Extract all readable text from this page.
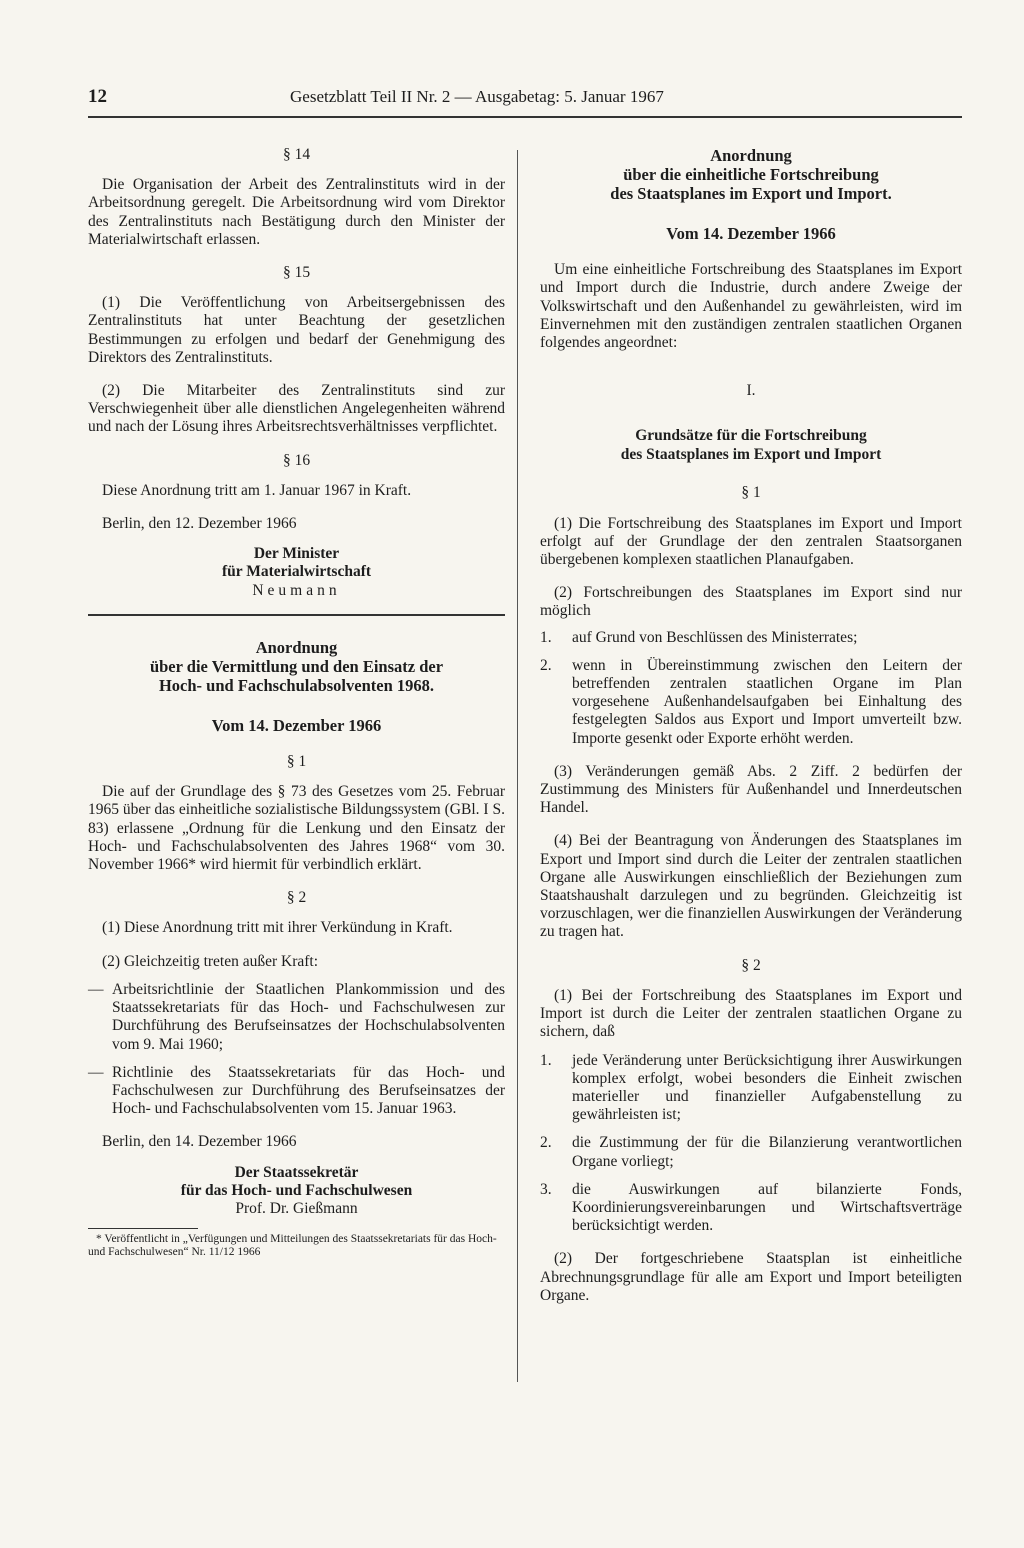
12	Gesetzblatt Teil II Nr. 2 — Ausgabetag: 5. Januar 1967

§ 14

Die Organisation der Arbeit des Zentralinstituts wird in der Arbeitsordnung geregelt. Die Arbeitsordnung wird vom Direktor des Zentralinstituts nach Bestätigung durch den Minister der Materialwirtschaft erlassen.

§ 15

(1) Die Veröffentlichung von Arbeitsergebnissen des Zentralinstituts hat unter Beachtung der gesetzlichen Bestimmungen zu erfolgen und bedarf der Genehmigung des Direktors des Zentralinstituts.

(2) Die Mitarbeiter des Zentralinstituts sind zur Verschwiegenheit über alle dienstlichen Angelegenheiten während und nach der Lösung ihres Arbeitsrechtsverhältnisses verpflichtet.

§ 16

Diese Anordnung tritt am 1. Januar 1967 in Kraft.

Berlin, den 12. Dezember 1966

Der Minister

für Materialwirtschaft

Neumann

Anordnung
über die Vermittlung und den Einsatz der
Hoch- und Fachschulabsolventen 1968.

Vom 14. Dezember 1966

§ 1

Die auf der Grundlage des § 73 des Gesetzes vom 25. Februar 1965 über das einheitliche sozialistische Bildungssystem (GBl. I S. 83) erlassene „Ordnung für die Lenkung und den Einsatz der Hoch- und Fachschulabsolventen des Jahres 1968“ vom 30. November 1966* wird hiermit für verbindlich erklärt.

§ 2

(1) Diese Anordnung tritt mit ihrer Verkündung in Kraft.

(2) Gleichzeitig treten außer Kraft:

— Arbeitsrichtlinie der Staatlichen Plankommission und des Staatssekretariats für das Hoch- und Fachschulwesen zur Durchführung des Berufseinsatzes der Hochschulabsolventen vom 9. Mai 1960;
— Richtlinie des Staatssekretariats für das Hoch- und Fachschulwesen zur Durchführung des Berufseinsatzes der Hoch- und Fachschulabsolventen vom 15. Januar 1963.

Berlin, den 14. Dezember 1966

Der Staatssekretär

für das Hoch- und Fachschulwesen

Prof. Dr. Gießmann

* Veröffentlicht in „Verfügungen und Mitteilungen des Staatssekretariats für das Hoch- und Fachschulwesen“ Nr. 11/12 1966

Anordnung
über die einheitliche Fortschreibung
des Staatsplanes im Export und Import.

Vom 14. Dezember 1966

Um eine einheitliche Fortschreibung des Staatsplanes im Export und Import durch die Industrie, durch andere Zweige der Volkswirtschaft und den Außenhandel zu gewährleisten, wird im Einvernehmen mit den zuständigen zentralen staatlichen Organen folgendes angeordnet:

I.

Grundsätze für die Fortschreibung
des Staatsplanes im Export und Import

§ 1

(1) Die Fortschreibung des Staatsplanes im Export und Import erfolgt auf der Grundlage der den zentralen Staatsorganen übergebenen komplexen staatlichen Planaufgaben.

(2) Fortschreibungen des Staatsplanes im Export sind nur möglich

1.	auf Grund von Beschlüssen des Ministerrates;
2.	wenn in Übereinstimmung zwischen den Leitern der betreffenden zentralen staatlichen Organe im Plan vorgesehene Außenhandelsaufgaben bei Einhaltung des festgelegten Saldos aus Export und Import umverteilt bzw. Importe gesenkt oder Exporte erhöht werden.

(3) Veränderungen gemäß Abs. 2 Ziff. 2 bedürfen der Zustimmung des Ministers für Außenhandel und Innerdeutschen Handel.

(4) Bei der Beantragung von Änderungen des Staatsplanes im Export und Import sind durch die Leiter der zentralen staatlichen Organe alle Auswirkungen einschließlich der Beziehungen zum Staatshaushalt darzulegen und zu begründen. Gleichzeitig ist vorzuschlagen, wer die finanziellen Auswirkungen der Veränderung zu tragen hat.

§ 2

(1) Bei der Fortschreibung des Staatsplanes im Export und Import ist durch die Leiter der zentralen staatlichen Organe zu sichern, daß

1.	jede Veränderung unter Berücksichtigung ihrer Auswirkungen komplex erfolgt, wobei besonders die Einheit zwischen materieller und finanzieller Aufgabenstellung zu gewährleisten ist;
2.	die Zustimmung der für die Bilanzierung verantwortlichen Organe vorliegt;
3.	die Auswirkungen auf bilanzierte Fonds, Koordinierungsvereinbarungen und Wirtschaftsverträge berücksichtigt werden.

(2) Der fortgeschriebene Staatsplan ist einheitliche Abrechnungsgrundlage für alle am Export und Import beteiligten Organe.
